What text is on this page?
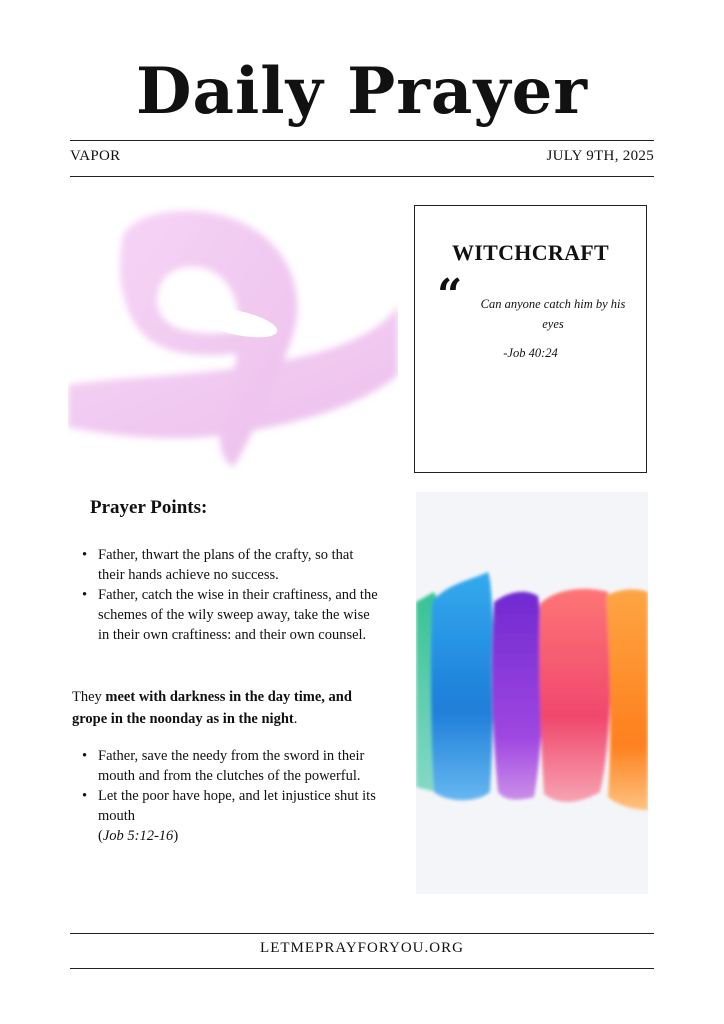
Daily Prayer
VAPOR	JULY 9TH, 2025
WITCHCRAFT
“	Can anyone catch him by his eyes
-Job 40:24
Prayer Points:
• Father, thwart the plans of the crafty, so that their hands achieve no success.
• Father, catch the wise in their craftiness, and the schemes of the wily sweep away, take the wise in their own craftiness: and their own counsel.
They meet with darkness in the day time, and grope in the noonday as in the night.
• Father, save the needy from the sword in their mouth and from the clutches of the powerful.
• Let the poor have hope, and let injustice shut its mouth
(Job 5:12-16)
LETMEPRAYFORYOU.ORG
